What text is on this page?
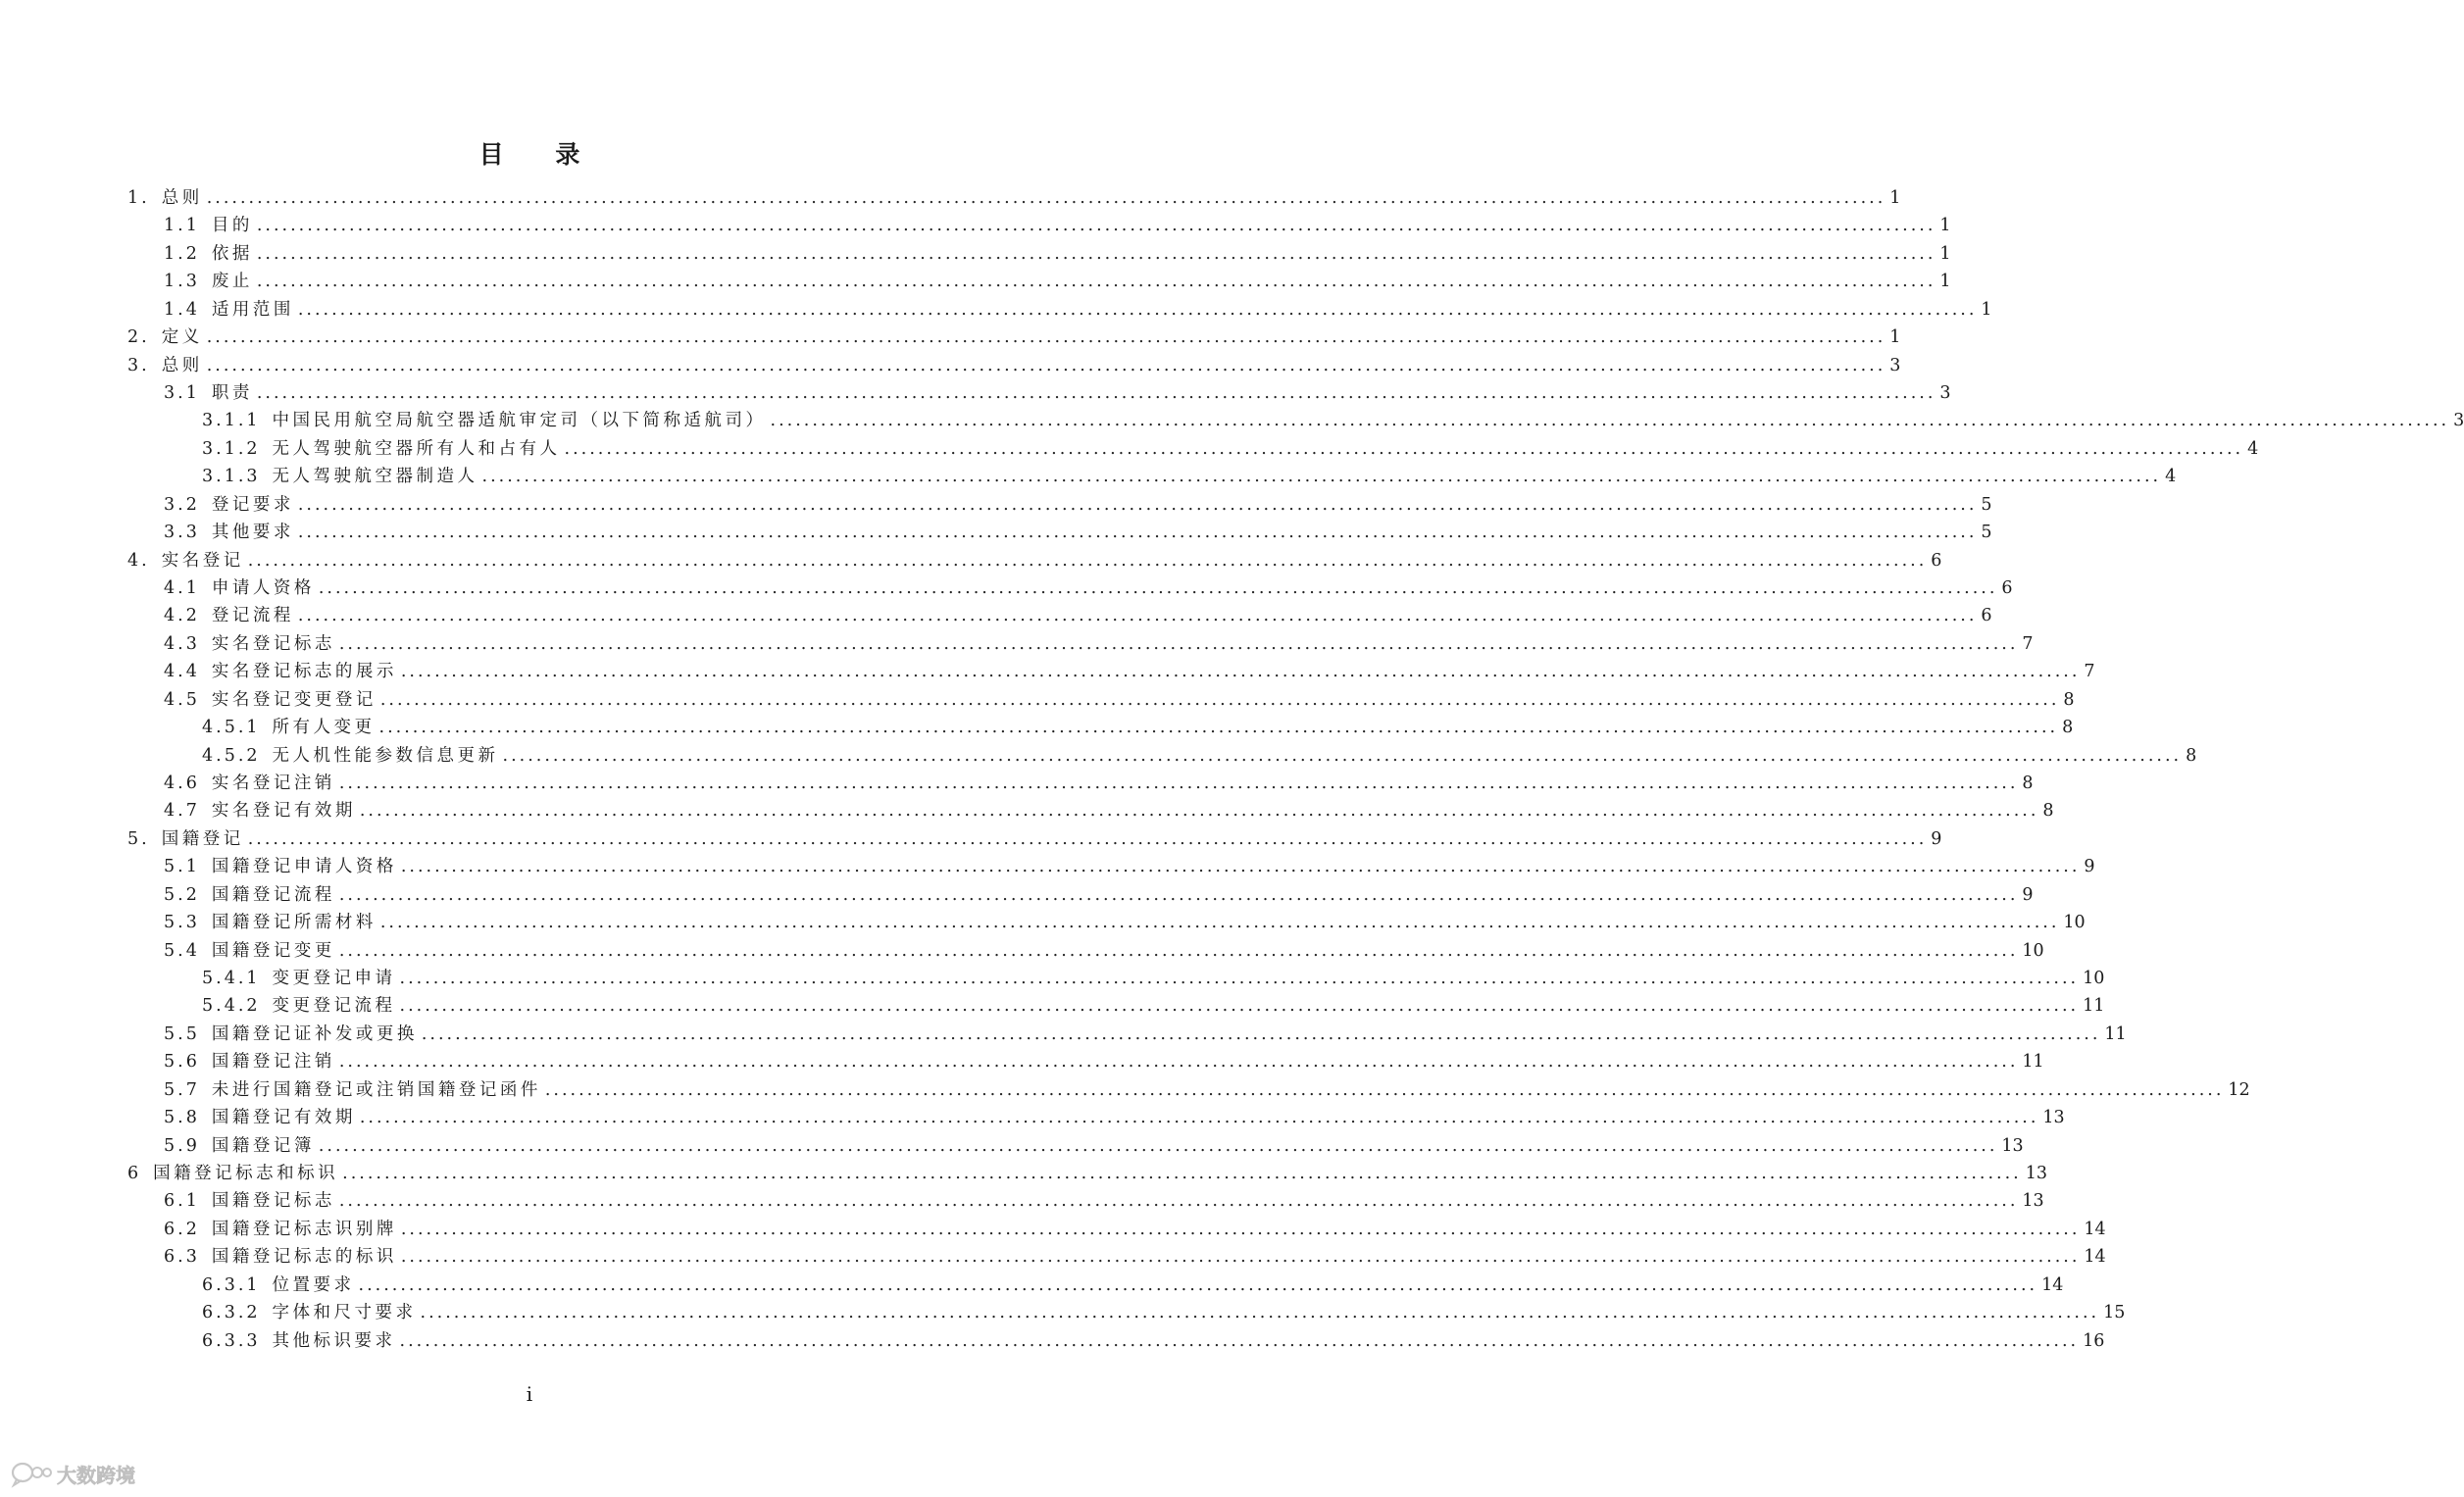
目 录
1. 总则 ........................................................................................................................................................................................................ 1
1.1 目的 ........................................................................................................................................................................................................ 1
1.2 依据 ........................................................................................................................................................................................................ 1
1.3 废止 ........................................................................................................................................................................................................ 1
1.4 适用范围 ........................................................................................................................................................................................................ 1
2. 定义 ........................................................................................................................................................................................................ 1
3. 总则 ........................................................................................................................................................................................................ 3
3.1 职责 ........................................................................................................................................................................................................ 3
3.1.1 中国民用航空局航空器适航审定司（以下简称适航司） ........................................................................................................................................................................................................ 3
3.1.2 无人驾驶航空器所有人和占有人 ........................................................................................................................................................................................................ 4
3.1.3 无人驾驶航空器制造人 ........................................................................................................................................................................................................ 4
3.2 登记要求 ........................................................................................................................................................................................................ 5
3.3 其他要求 ........................................................................................................................................................................................................ 5
4. 实名登记 ........................................................................................................................................................................................................ 6
4.1 申请人资格 ........................................................................................................................................................................................................ 6
4.2 登记流程 ........................................................................................................................................................................................................ 6
4.3 实名登记标志 ........................................................................................................................................................................................................ 7
4.4 实名登记标志的展示 ........................................................................................................................................................................................................ 7
4.5 实名登记变更登记 ........................................................................................................................................................................................................ 8
4.5.1 所有人变更 ........................................................................................................................................................................................................ 8
4.5.2 无人机性能参数信息更新 ........................................................................................................................................................................................................ 8
4.6 实名登记注销 ........................................................................................................................................................................................................ 8
4.7 实名登记有效期 ........................................................................................................................................................................................................ 8
5. 国籍登记 ........................................................................................................................................................................................................ 9
5.1 国籍登记申请人资格 ........................................................................................................................................................................................................ 9
5.2 国籍登记流程 ........................................................................................................................................................................................................ 9
5.3 国籍登记所需材料 ........................................................................................................................................................................................................ 10
5.4 国籍登记变更 ........................................................................................................................................................................................................ 10
5.4.1 变更登记申请 ........................................................................................................................................................................................................ 10
5.4.2 变更登记流程 ........................................................................................................................................................................................................ 11
5.5 国籍登记证补发或更换 ........................................................................................................................................................................................................ 11
5.6 国籍登记注销 ........................................................................................................................................................................................................ 11
5.7 未进行国籍登记或注销国籍登记函件 ........................................................................................................................................................................................................ 12
5.8 国籍登记有效期 ........................................................................................................................................................................................................ 13
5.9 国籍登记簿 ........................................................................................................................................................................................................ 13
6 国籍登记标志和标识 ........................................................................................................................................................................................................ 13
6.1 国籍登记标志 ........................................................................................................................................................................................................ 13
6.2 国籍登记标志识别牌 ........................................................................................................................................................................................................ 14
6.3 国籍登记标志的标识 ........................................................................................................................................................................................................ 14
6.3.1 位置要求 ........................................................................................................................................................................................................ 14
6.3.2 字体和尺寸要求 ........................................................................................................................................................................................................ 15
6.3.3 其他标识要求 ........................................................................................................................................................................................................ 16
i
大数跨境
